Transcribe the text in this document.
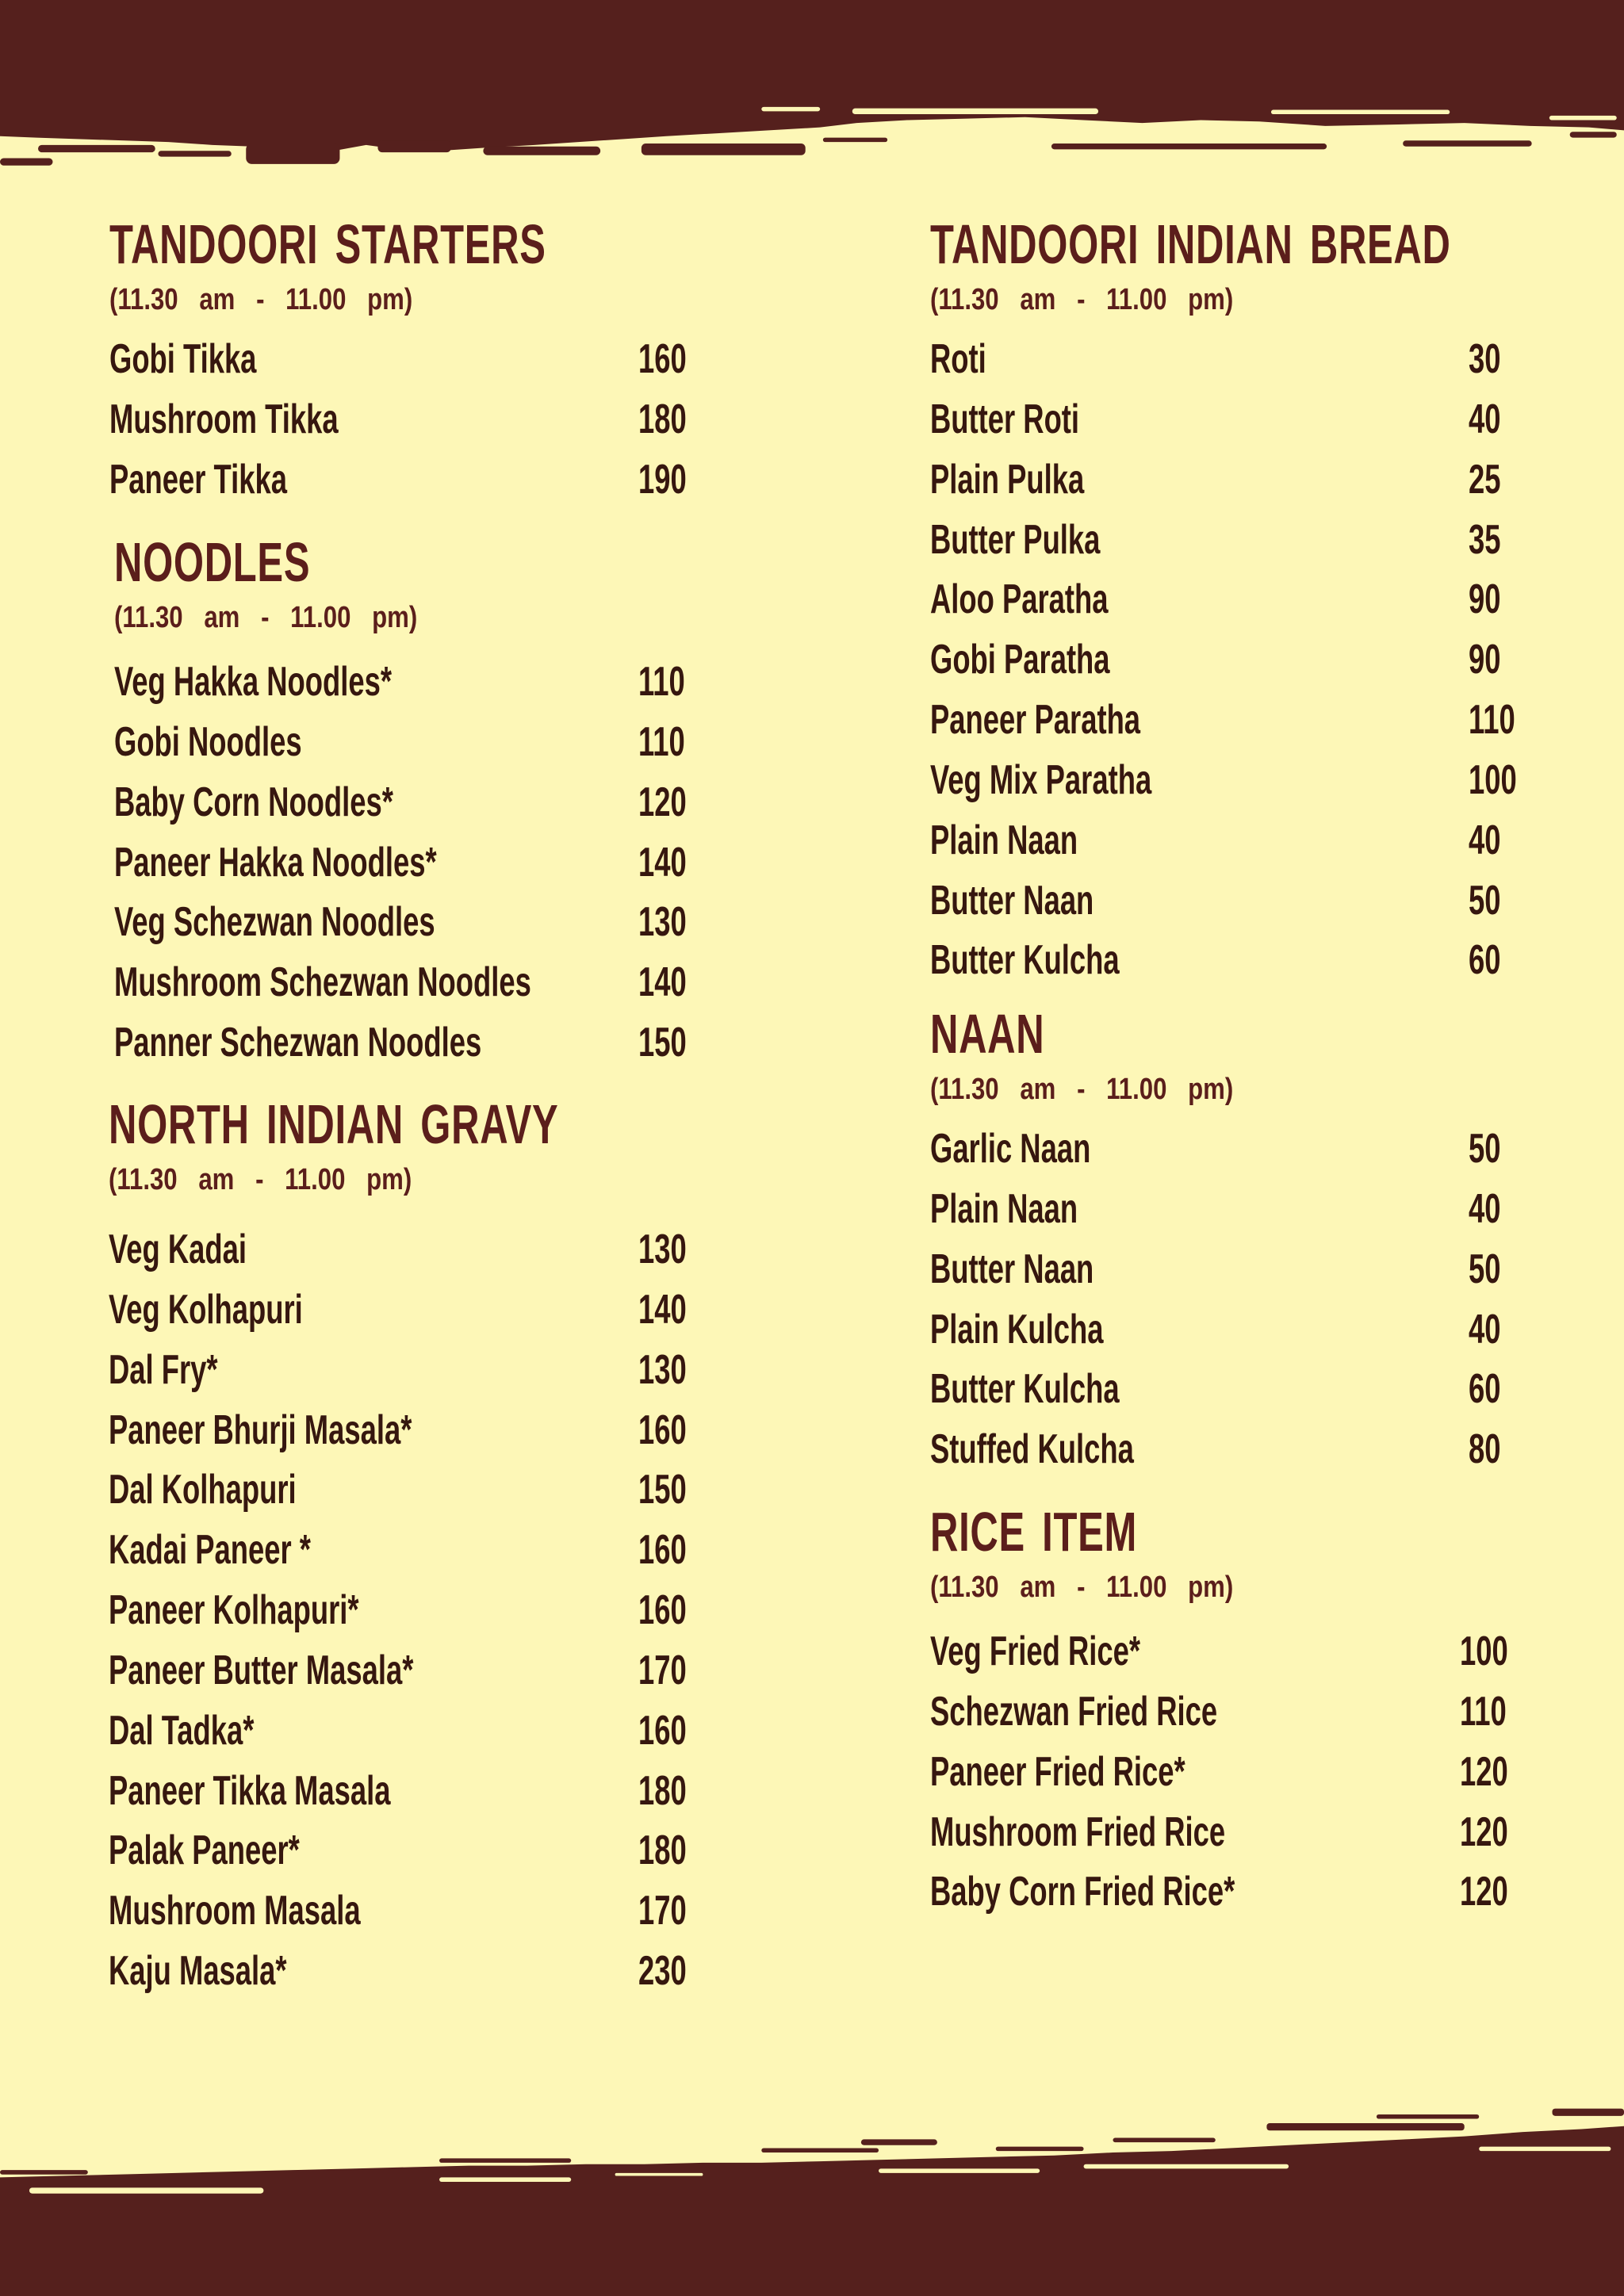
TANDOORI STARTERS
(11.30 am - 11.00 pm)
Gobi Tikka	160
Mushroom Tikka	180
Paneer Tikka	190
NOODLES
(11.30 am - 11.00 pm)
Veg Hakka Noodles*	110
Gobi Noodles	110
Baby Corn Noodles*	120
Paneer Hakka Noodles*	140
Veg Schezwan Noodles	130
Mushroom Schezwan Noodles	140
Panner Schezwan Noodles	150
NORTH INDIAN GRAVY
(11.30 am - 11.00 pm)
Veg Kadai	130
Veg Kolhapuri	140
Dal Fry*	130
Paneer Bhurji Masala*	160
Dal Kolhapuri	150
Kadai Paneer *	160
Paneer Kolhapuri*	160
Paneer Butter Masala*	170
Dal Tadka*	160
Paneer Tikka Masala	180
Palak Paneer*	180
Mushroom Masala	170
Kaju Masala*	230
TANDOORI INDIAN BREAD
(11.30 am - 11.00 pm)
Roti	30
Butter Roti	40
Plain Pulka	25
Butter Pulka	35
Aloo Paratha	90
Gobi Paratha	90
Paneer Paratha	110
Veg Mix Paratha	100
Plain Naan	40
Butter Naan	50
Butter Kulcha	60
NAAN
(11.30 am - 11.00 pm)
Garlic Naan	50
Plain Naan	40
Butter Naan	50
Plain Kulcha	40
Butter Kulcha	60
Stuffed Kulcha	80
RICE ITEM
(11.30 am - 11.00 pm)
Veg Fried Rice*	100
Schezwan Fried Rice	110
Paneer Fried Rice*	120
Mushroom Fried Rice	120
Baby Corn Fried Rice*	120
